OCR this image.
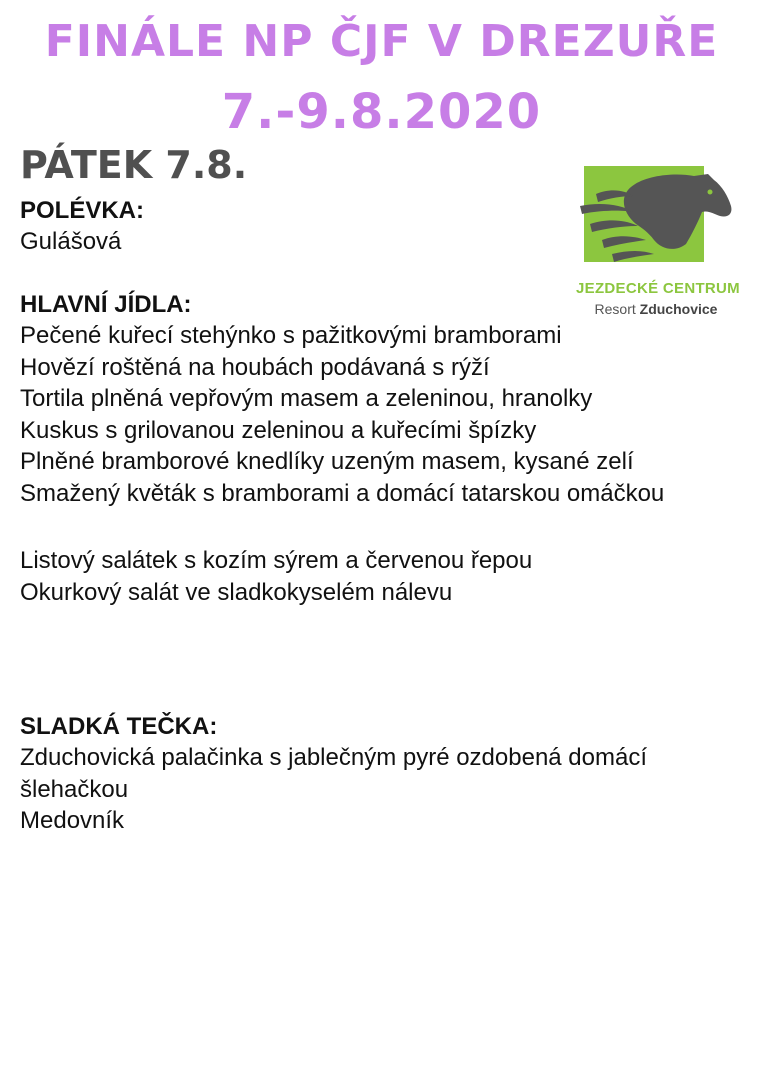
FINÁLE NP ČJF V DREZUŘE
7.-9.8.2020
PÁTEK 7.8.
POLÉVKA:
Gulášová
HLAVNÍ JÍDLA:
Pečené kuřecí stehýnko s pažitkovými bramborami
Hovězí roštěná na houbách podávaná s rýží
Tortila plněná vepřovým masem a zeleninou, hranolky
Kuskus s grilovanou zeleninou a kuřecími špízky
Plněné bramborové knedlíky uzeným masem, kysané zelí
Smažený květák s bramborami a domácí tatarskou omáčkou
Listový salátek s kozím sýrem a červenou řepou
Okurkový salát ve sladkokyselém nálevu
SLADKÁ TEČKA:
Zduchovická palačinka s jablečným pyré ozdobená domácí šlehačkou
Medovník
JEZDECKÉ CENTRUM
Resort Zduchovice
